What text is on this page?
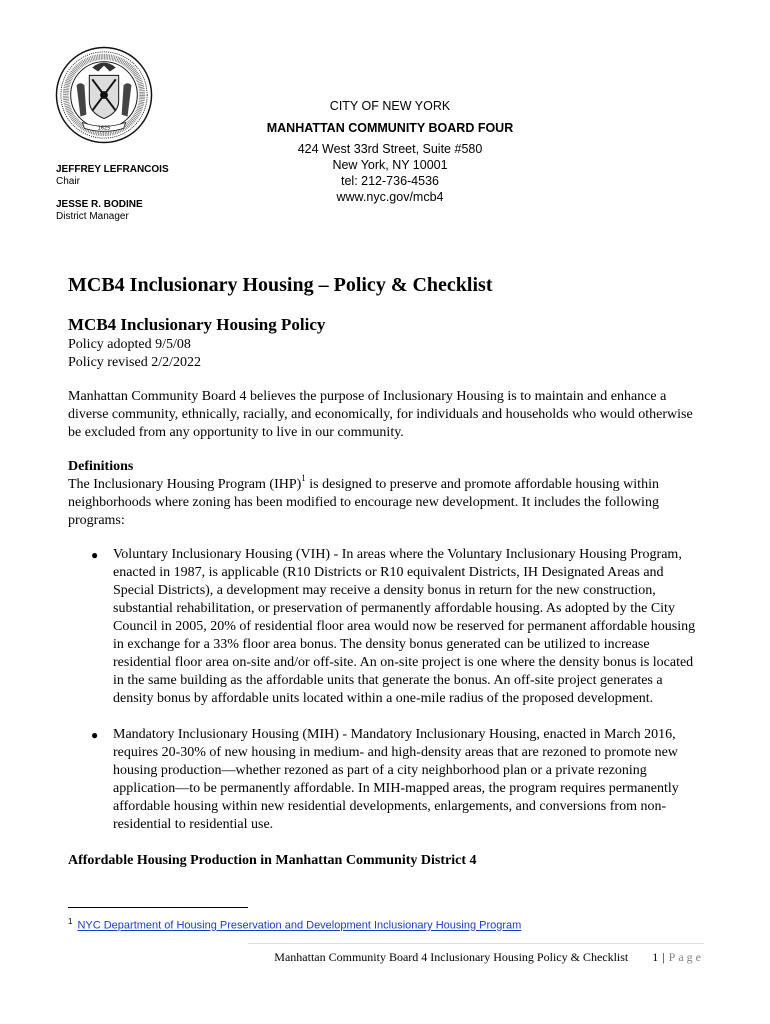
1625
JEFFREY LEFRANCOIS
Chair
JESSE R. BODINE
District Manager
CITY OF NEW YORK
MANHATTAN COMMUNITY BOARD FOUR
424 West 33rd Street, Suite #580
New York, NY 10001
tel: 212-736-4536
www.nyc.gov/mcb4
MCB4 Inclusionary Housing – Policy & Checklist
MCB4 Inclusionary Housing Policy
Policy adopted 9/5/08
Policy revised 2/2/2022

Manhattan Community Board 4 believes the purpose of Inclusionary Housing is to maintain and enhance a diverse community, ethnically, racially, and economically, for individuals and households who would otherwise be excluded from any opportunity to live in our community.

Definitions

The Inclusionary Housing Program (IHP)$^1$ is designed to preserve and promote affordable housing within neighborhoods where zoning has been modified to encourage new development. It includes the following programs:

● Voluntary Inclusionary Housing (VIH) - In areas where the Voluntary Inclusionary Housing Program, enacted in 1987, is applicable (R10 Districts or R10 equivalent Districts, IH Designated Areas and Special Districts), a development may receive a density bonus in return for the new construction, substantial rehabilitation, or preservation of permanently affordable housing. As adopted by the City Council in 2005, 20% of residential floor area would now be reserved for permanent affordable housing in exchange for a 33% floor area bonus. The density bonus generated can be utilized to increase residential floor area on-site and/or off-site. An on-site project is one where the density bonus is located in the same building as the affordable units that generate the bonus. An off-site project generates a density bonus by affordable units located within a one-mile radius of the proposed development.
● Mandatory Inclusionary Housing (MIH) - Mandatory Inclusionary Housing, enacted in March 2016, requires 20-30% of new housing in medium- and high-density areas that are rezoned to promote new housing production—whether rezoned as part of a city neighborhood plan or a private rezoning application—to be permanently affordable. In MIH-mapped areas, the program requires permanently affordable housing within new residential developments, enlargements, and conversions from non-residential to residential use.
Affordable Housing Production in Manhattan Community District 4
$^1$ NYC Department of Housing Preservation and Development Inclusionary Housing Program
Manhattan Community Board 4 Inclusionary Housing Policy & Checklist 1 | Page
